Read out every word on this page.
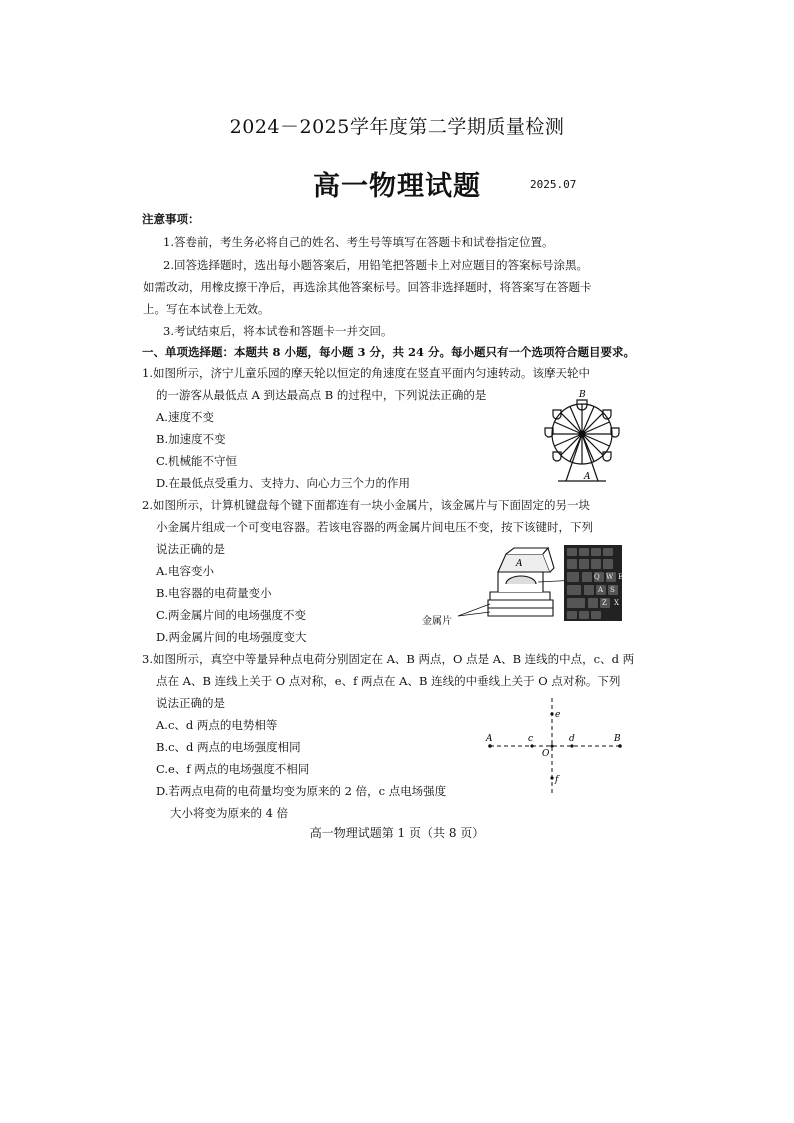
2024－2025学年度第二学期质量检测
高一物理试题	2025.07
注意事项：
1.答卷前，考生务必将自己的姓名、考生号等填写在答题卡和试卷指定位置。
2.回答选择题时，选出每小题答案后，用铅笔把答题卡上对应题目的答案标号涂黑。
如需改动，用橡皮擦干净后，再选涂其他答案标号。回答非选择题时，将答案写在答题卡
上。写在本试卷上无效。
3.考试结束后，将本试卷和答题卡一并交回。
一、单项选择题：本题共 8 小题，每小题 3 分，共 24 分。每小题只有一个选项符合题目要求。
1.如图所示，济宁儿童乐园的摩天轮以恒定的角速度在竖直平面内匀速转动。该摩天轮中
的一游客从最低点 A 到达最高点 B 的过程中，下列说法正确的是
A.速度不变
B.加速度不变
C.机械能不守恒
D.在最低点受重力、支持力、向心力三个力的作用
B
A
2.如图所示，计算机键盘每个键下面都连有一块小金属片，该金属片与下面固定的另一块
小金属片组成一个可变电容器。若该电容器的两金属片间电压不变，按下该键时，下列
说法正确的是
A.电容变小
B.电容器的电荷量变小
C.两金属片间的电场强度不变
D.两金属片间的电场强度变大
A
金属片
Q W E
A S
Z X
3.如图所示，真空中等量异种点电荷分别固定在 A、B 两点，O 点是 A、B 连线的中点，c、d 两
点在 A、B 连线上关于 O 点对称，e、f 两点在 A、B 连线的中垂线上关于 O 点对称。下列
说法正确的是
A.c、d 两点的电势相等
B.c、d 两点的电场强度相同
C.e、f 两点的电场强度不相同
D.若两点电荷的电荷量均变为原来的 2 倍，c 点电场强度
大小将变为原来的 4 倍
A	B
c	d
O
e
f
高一物理试题第 1 页（共 8 页）
